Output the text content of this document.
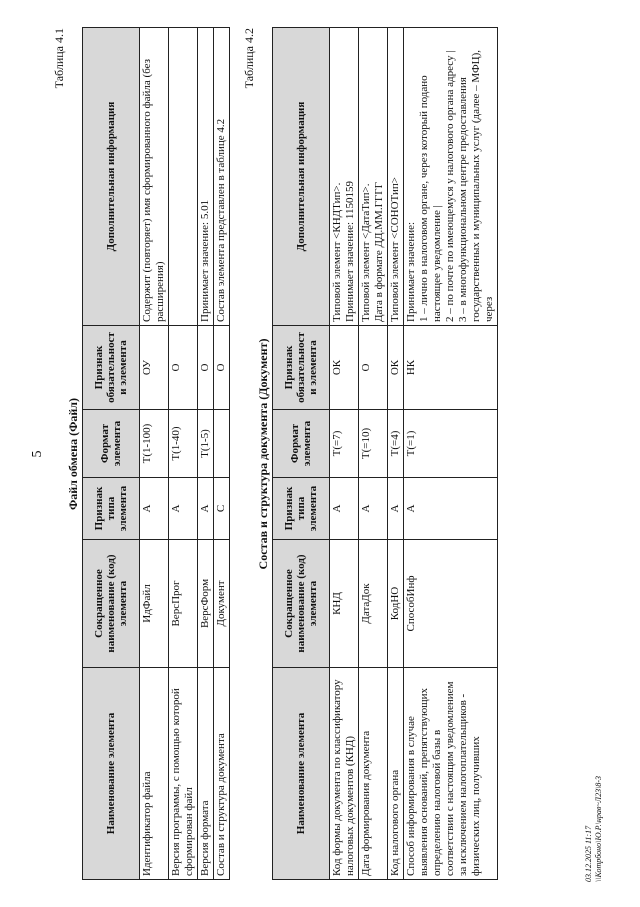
5
Таблица 4.1
Файл обмена (Файл)
Наименование элемента	Сокращенное наименование (код) элемента	Признак типа элемента	Формат элемента	Признак обязательности элемента	Дополнительная информация
Идентификатор файла	ИдФайл	А	T(1-100)	ОУ	Содержит (повторяет) имя сформированного файла (без расширения)
Версия программы, с помощью которой сформирован файл	ВерсПрог	А	T(1-40)	О	
Версия формата	ВерсФорм	А	T(1-5)	О	Принимает значение: 5.01
Состав и структура документа	Документ	С		О	Состав элемента представлен в таблице 4.2
Таблица 4.2
Состав и структура документа (Документ)
Наименование элемента	Сокращенное наименование (код) элемента	Признак типа элемента	Формат элемента	Признак обязательности элемента	Дополнительная информация
Код формы документа по классификатору налоговых документов (КНД)	КНД	А	T(=7)	ОК	Типовой элемент <КНДТип>.
Принимает значение: 1150159
Дата формирования документа	ДатаДок	А	T(=10)	О	Типовой элемент <ДатаТип>.
Дата в формате ДД.ММ.ГГГГ
Код налогового органа	КодНО	А	T(=4)	ОК	Типовой элемент <СОНОТип>
Способ информирования в случае выявления оснований, препятствующих определению налоговой базы в соответствии с настоящим уведомлением за исключением налогоплательщиков - физических лиц, получивших	СпособИнф	А	T(=1)	НК	Принимает значение:
1 – лично в налоговом органе, через который подано настоящее уведомление |
2 – по почте по имеющемуся у налогового органа адресу |
3 – в многофункциональном центре предоставления государственных и муниципальных услуг (далее – МФЦ), через
03.12.2025 11:17 \\Котрбоно\Ю.Р.\нрав~Л23\8-3
